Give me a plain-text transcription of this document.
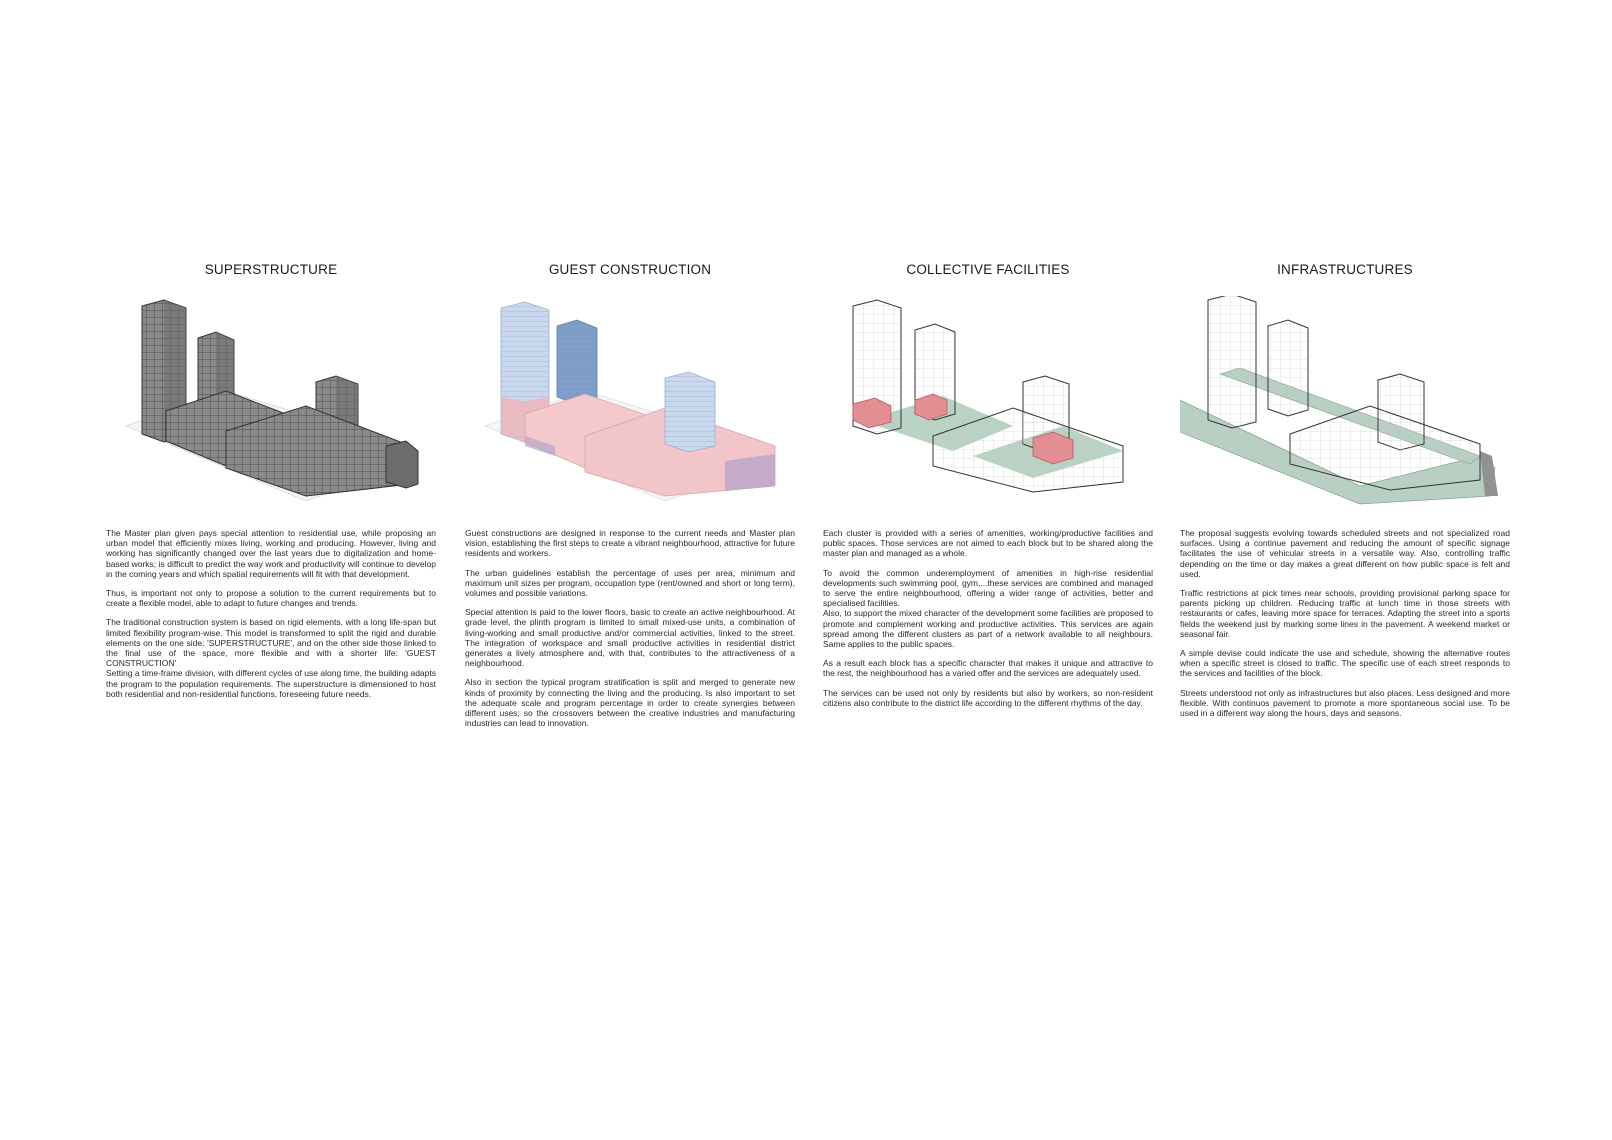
SUPERSTRUCTURE

The Master plan given pays special attention to residential use, while proposing an urban model that efficiently mixes living, working and producing. However, living and working has significantly changed over the last years due to digitalization and home-based works; is difficult to predict the way work and productivity will continue to develop in the coming years and which spatial requirements will fit with that development.

Thus, is important not only to propose a solution to the current requirements but to create a flexible model, able to adapt to future changes and trends.

The traditional construction system is based on rigid elements, with a long life-span but limited flexibility program-wise. This model is transformed to split the rigid and durable elements on the one side: 'SUPERSTRUCTURE', and on the other side those linked to the final use of the space, more flexible and with a shorter life: 'GUEST CONSTRUCTION'

Setting a time-frame division, with different cycles of use along time, the building adapts the program to the population requirements. The superstructure is dimensioned to host both residential and non-residential functions, foreseeing future needs.

GUEST CONSTRUCTION

Guest constructions are designed in response to the current needs and Master plan vision, establishing the first steps to create a vibrant neighbourhood, attractive for future residents and workers.

The urban guidelines establish the percentage of uses per area, minimum and maximum unit sizes per program, occupation type (rent/owned and short or long term), volumes and possible variations.

Special attention is paid to the lower floors, basic to create an active neighbourhood. At grade level, the plinth program is limited to small mixed-use units, a combination of living-working and small productive and/or commercial activities, linked to the street. The integration of workspace and small productive activities in residential district generates a lively atmosphere and, with that, contributes to the attractiveness of a neighbourhood.

Also in section the typical program stratification is split and merged to generate new kinds of proximity by connecting the living and the producing. Is also important to set the adequate scale and program percentage in order to create synergies between different uses; so the crossovers between the creative industries and manufacturing industries can lead to innovation.

COLLECTIVE FACILITIES

Each cluster is provided with a series of amenities, working/productive facilities and public spaces. Those services are not aimed to each block but to be shared along the master plan and managed as a whole.

To avoid the common underemployment of amenities in high-rise residential developments such swimming pool, gym,...these services are combined and managed to serve the entire neighbourhood, offering a wider range of activities, better and specialised facilities.

Also, to support the mixed character of the development some facilities are proposed to promote and complement working and productive activities. This services are again spread among the different clusters as part of a network available to all neighbours. Same applies to the public spaces.

As a result each block has a specific character that makes it unique and attractive to the rest, the neighbourhood has a varied offer and the services are adequately used.

The services can be used not only by residents but also by workers, so non-resident citizens also contribute to the district life according to the different rhythms of the day.

INFRASTRUCTURES

The proposal suggests evolving towards scheduled streets and not specialized road surfaces. Using a continue pavement and reducing the amount of specific signage facilitates the use of vehicular streets in a versatile way. Also, controlling traffic depending on the time or day makes a great different on how public space is felt and used.

Traffic restrictions at pick times near schools, providing provisional parking space for parents picking up children. Reducing traffic at lunch time in those streets with restaurants or cafes, leaving more space for terraces. Adapting the street into a sports fields the weekend just by marking some lines in the pavement. A weekend market or seasonal fair.

A simple devise could indicate the use and schedule, showing the alternative routes when a specific street is closed to traffic. The specific use of each street responds to the services and facilities of the block.

Streets understood not only as infrastructures but also places. Less designed and more flexible. With continuos pavement to promote a more spontaneous social use. To be used in a different way along the hours, days and seasons.
